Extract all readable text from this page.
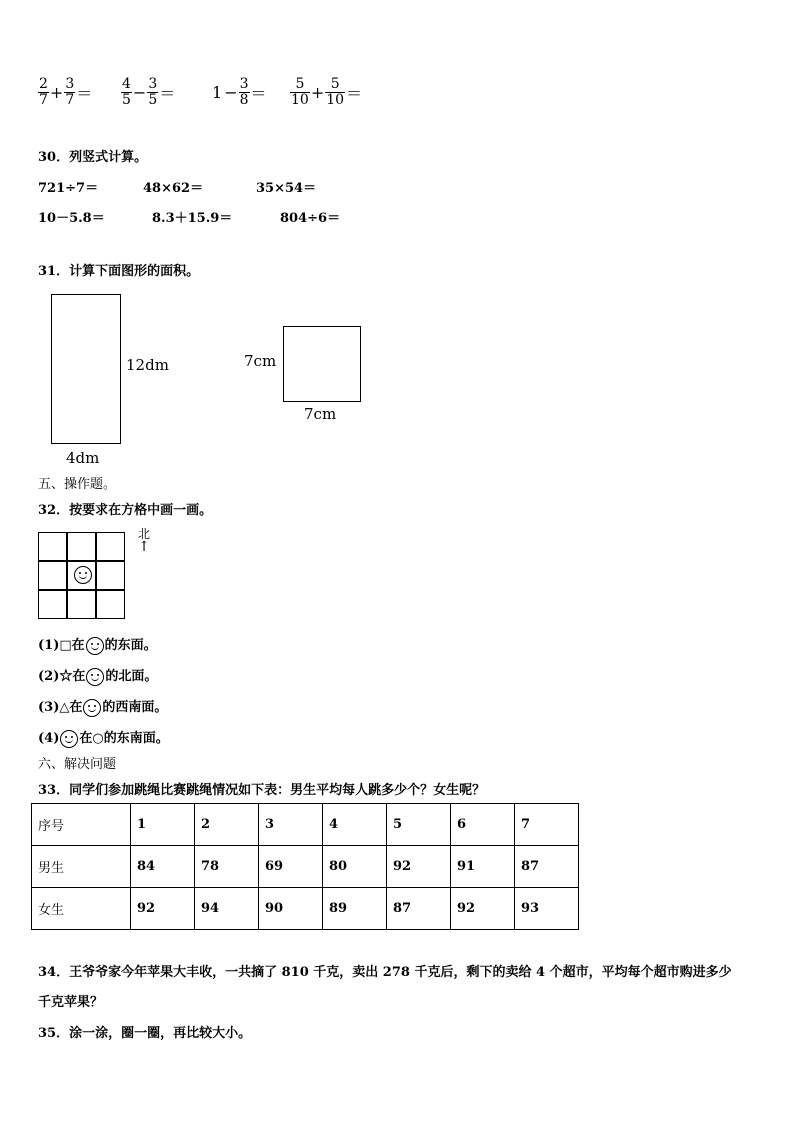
$\frac{2}{7} + \frac{3}{7} = \frac{4}{5} - \frac{3}{5} = 1 - \frac{3}{8} = \frac{5}{10} + \frac{5}{10}$ ＝
30．列竖式计算。
721÷7＝	48×62＝	35×54＝
10－5.8＝	8.3＋15.9＝	804÷6＝
31．计算下面图形的面积。
12dm
4dm
7cm
7cm
五、操作题。
32．按要求在方格中画一画。
北
↑
(1)□在 的东面。
(2)☆在 的北面。
(3)△在 的西南面。
(4) 在○的东南面。
六、解决问题
33．同学们参加跳绳比赛跳绳情况如下表：男生平均每人跳多少个？女生呢？
序号	1	2	3	4	5	6	7
男生	84	78	69	80	92	91	87
女生	92	94	90	89	87	92	93
34．王爷爷家今年苹果大丰收，一共摘了 810 千克，卖出 278 千克后，剩下的卖给 4 个超市，平均每个超市购进多少
千克苹果？
35．涂一涂，圈一圈，再比较大小。
